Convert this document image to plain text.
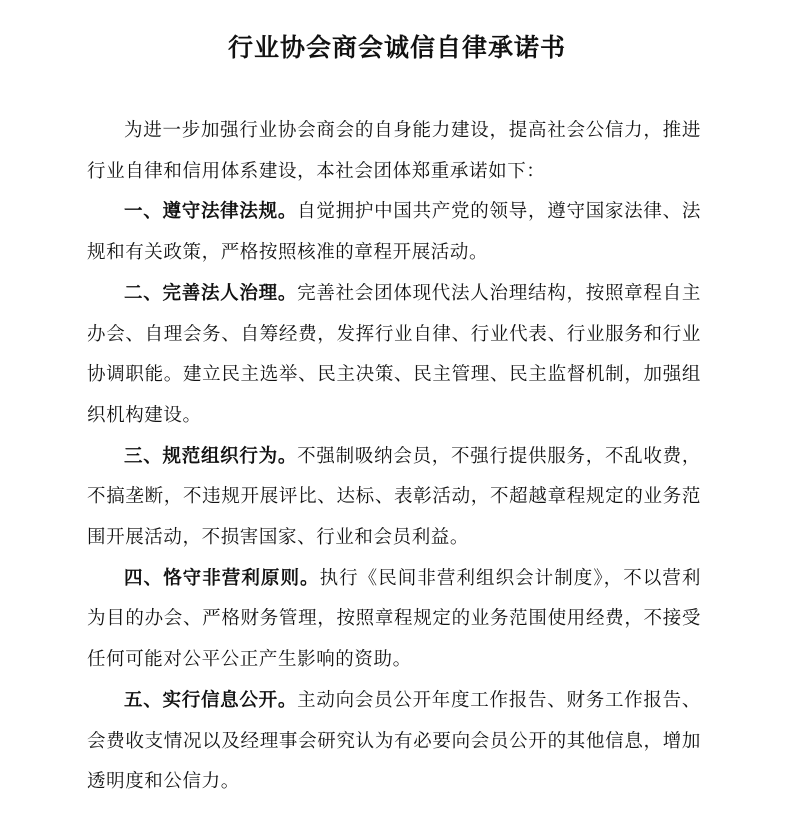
行业协会商会诚信自律承诺书

为进一步加强行业协会商会的自身能力建设，提高社会公信力，推进行业自律和信用体系建设，本社会团体郑重承诺如下：

一、遵守法律法规。自觉拥护中国共产党的领导，遵守国家法律、法规和有关政策，严格按照核准的章程开展活动。

二、完善法人治理。完善社会团体现代法人治理结构，按照章程自主办会、自理会务、自筹经费，发挥行业自律、行业代表、行业服务和行业协调职能。建立民主选举、民主决策、民主管理、民主监督机制，加强组织机构建设。

三、规范组织行为。不强制吸纳会员，不强行提供服务，不乱收费，不搞垄断，不违规开展评比、达标、表彰活动，不超越章程规定的业务范围开展活动，不损害国家、行业和会员利益。

四、恪守非营利原则。执行《民间非营利组织会计制度》，不以营利为目的办会、严格财务管理，按照章程规定的业务范围使用经费，不接受任何可能对公平公正产生影响的资助。

五、实行信息公开。主动向会员公开年度工作报告、财务工作报告、会费收支情况以及经理事会研究认为有必要向会员公开的其他信息，增加透明度和公信力。
